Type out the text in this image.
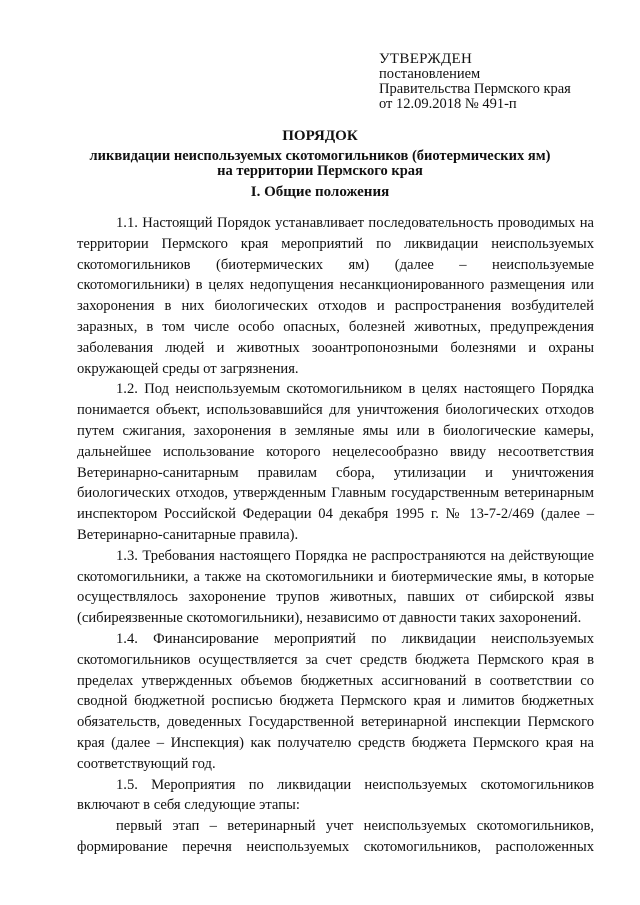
УТВЕРЖДЕН
постановлением
Правительства Пермского края
от 12.09.2018 № 491-п
ПОРЯДОК
ликвидации неиспользуемых скотомогильников (биотермических ям)
на территории Пермского края
I. Общие положения

1.1. Настоящий Порядок устанавливает последовательность проводимых на территории Пермского края мероприятий по ликвидации неиспользуемых скотомогильников (биотермических ям) (далее – неиспользуемые скотомогильники) в целях недопущения несанкционированного размещения или захоронения в них биологических отходов и распространения возбудителей заразных, в том числе особо опасных, болезней животных, предупреждения заболевания людей и животных зооантропонозными болезнями и охраны окружающей среды от загрязнения.

1.2. Под неиспользуемым скотомогильником в целях настоящего Порядка понимается объект, использовавшийся для уничтожения биологических отходов путем сжигания, захоронения в земляные ямы или в биологические камеры, дальнейшее использование которого нецелесообразно ввиду несоответствия Ветеринарно-санитарным правилам сбора, утилизации и уничтожения биологических отходов, утвержденным Главным государственным ветеринарным инспектором Российской Федерации 04 декабря 1995 г. № 13-7-2/469 (далее – Ветеринарно-санитарные правила).

1.3. Требования настоящего Порядка не распространяются на действующие скотомогильники, а также на скотомогильники и биотермические ямы, в которые осуществлялось захоронение трупов животных, павших от сибирской язвы (сибиреязвенные скотомогильники), независимо от давности таких захоронений.

1.4. Финансирование мероприятий по ликвидации неиспользуемых скотомогильников осуществляется за счет средств бюджета Пермского края в пределах утвержденных объемов бюджетных ассигнований в соответствии со сводной бюджетной росписью бюджета Пермского края и лимитов бюджетных обязательств, доведенных Государственной ветеринарной инспекции Пермского края (далее – Инспекция) как получателю средств бюджета Пермского края на соответствующий год.

1.5. Мероприятия по ликвидации неиспользуемых скотомогильников включают в себя следующие этапы:

первый этап – ветеринарный учет неиспользуемых скотомогильников, формирование перечня неиспользуемых скотомогильников, расположенных
